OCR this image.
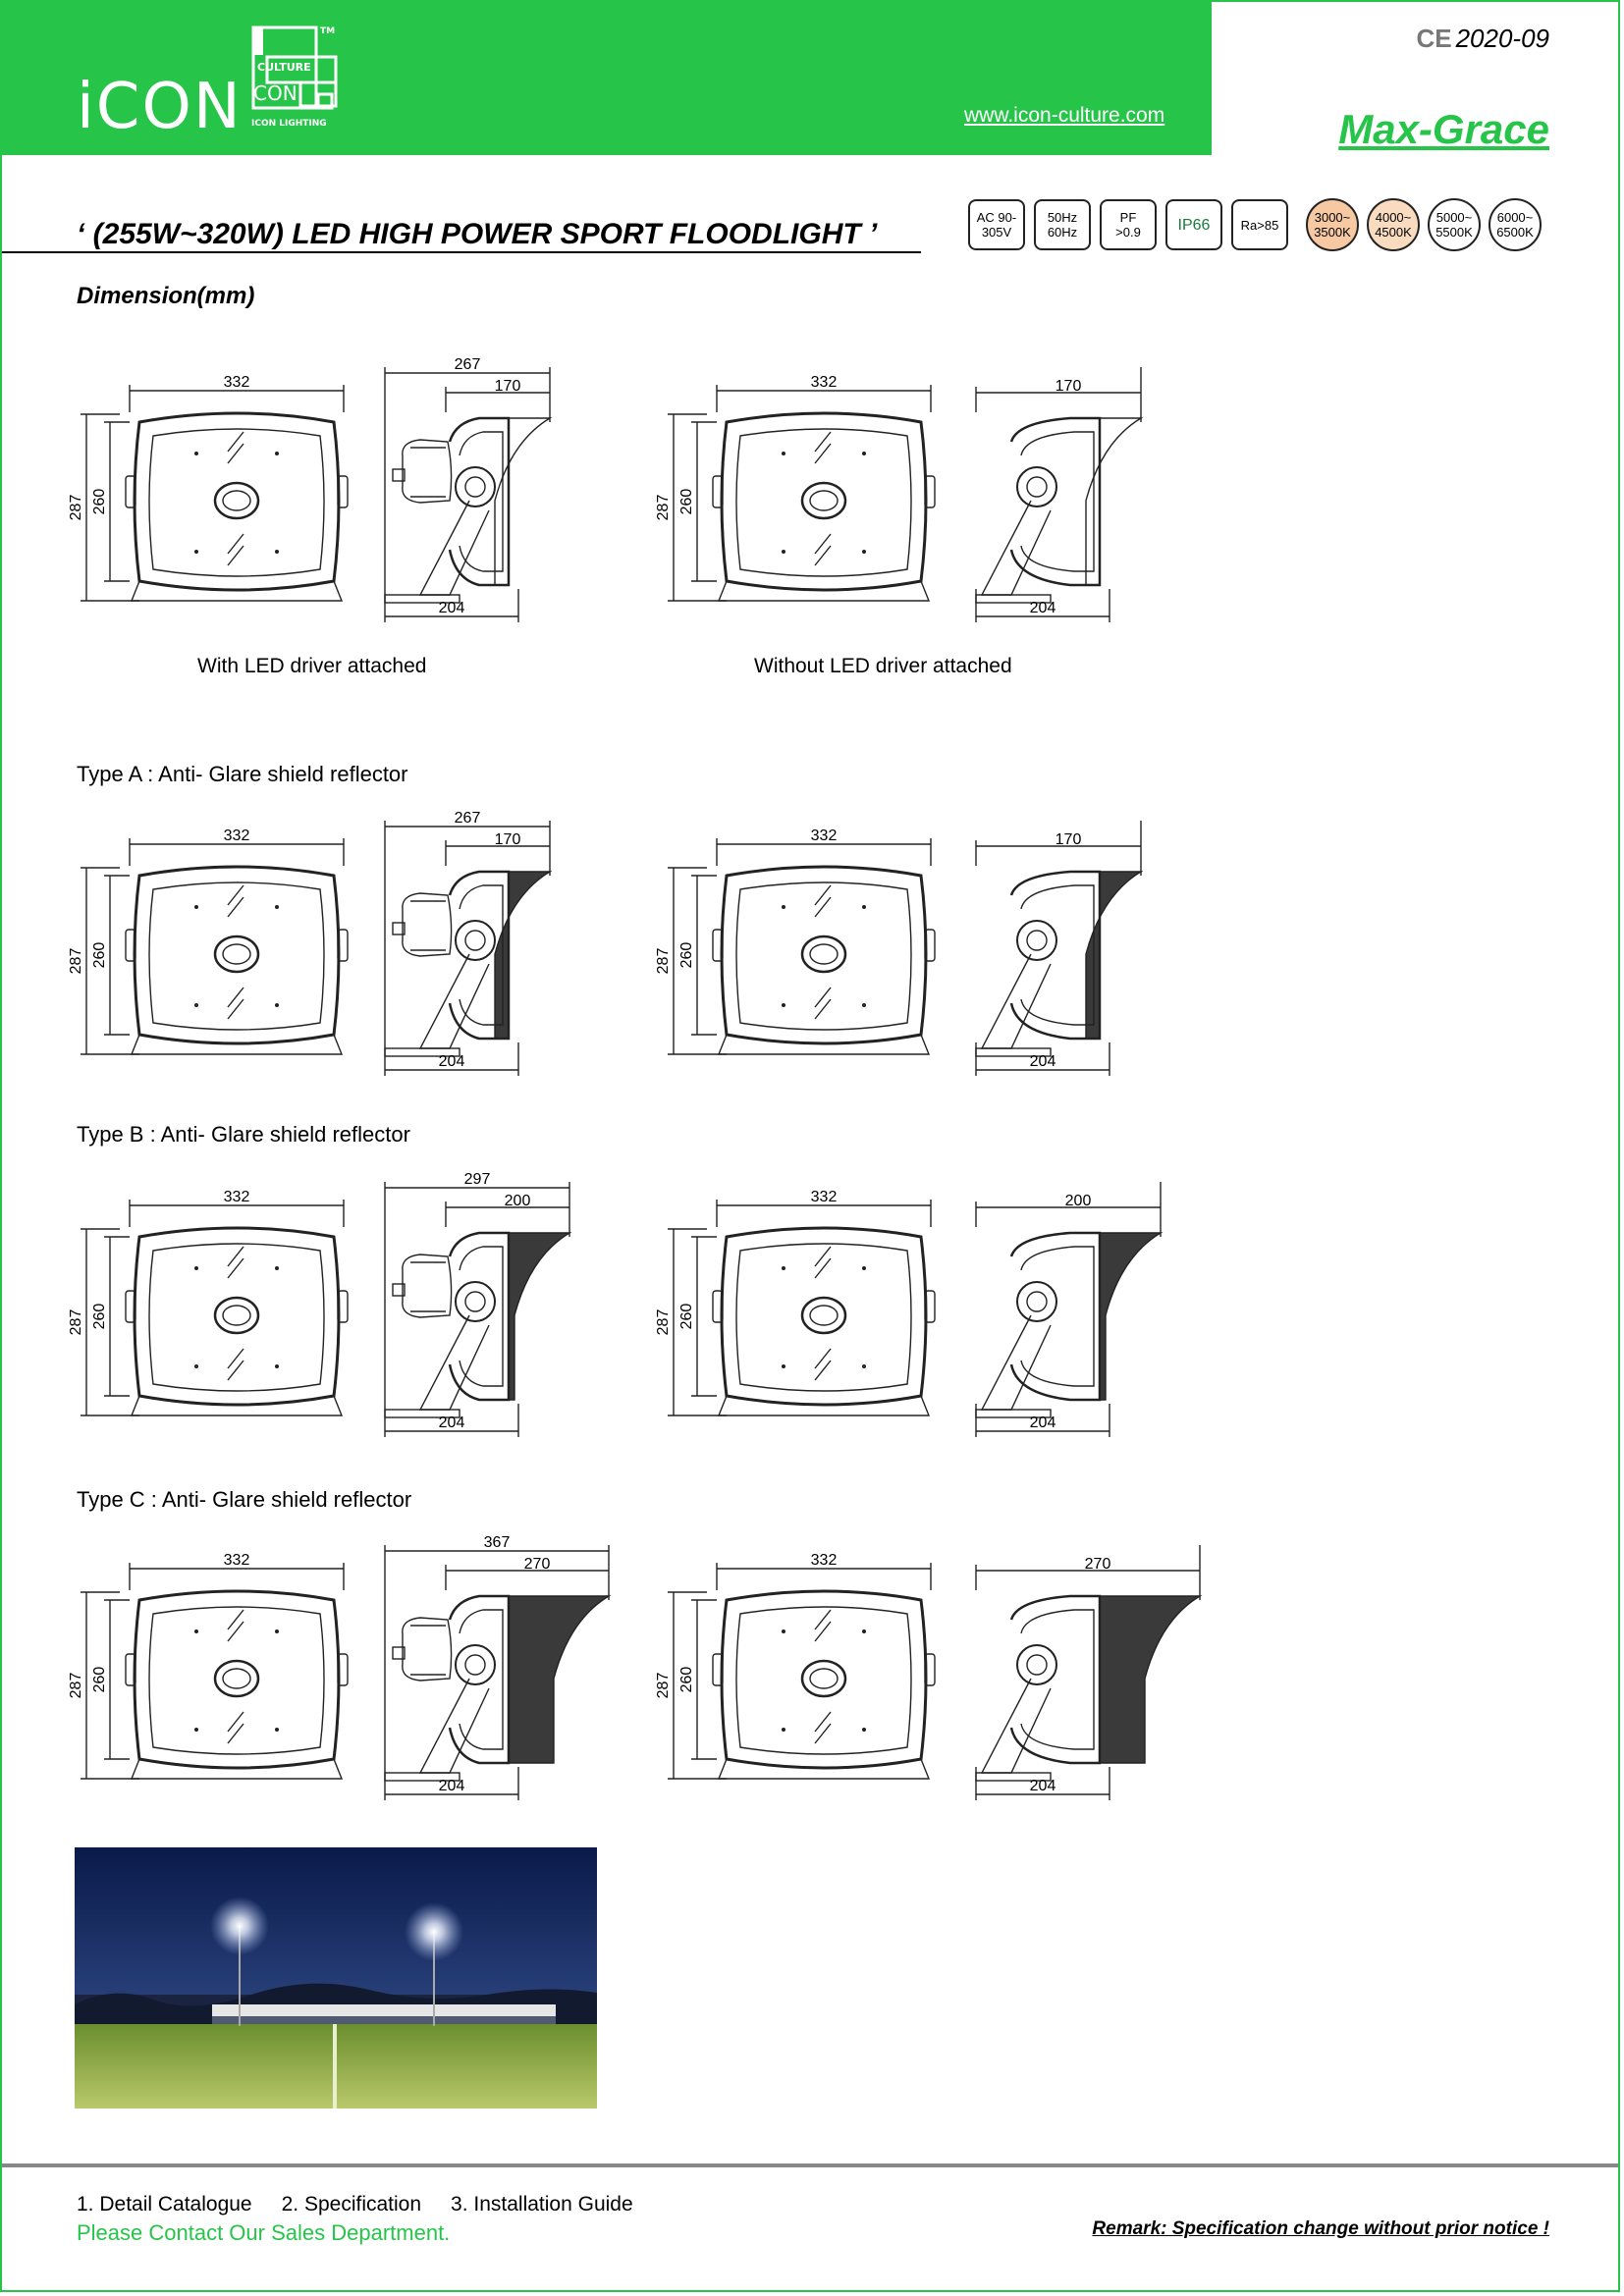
iCON
CULTURE
CON
ICON LIGHTING
TM
www.icon-culture.com
CE 2020-09
Max-Grace
‘ (255W~320W) LED HIGH POWER SPORT FLOODLIGHT ’
AC 90-
305V
50Hz
60Hz
PF
>0.9	IP66	Ra>85	3000~
3500K
4000~
4500K
5000~
5500K
6000~
6500K
Dimension(mm)
Type A : Anti- Glare shield reflector
Type B : Anti- Glare shield reflector
Type C : Anti- Glare shield reflector
With LED driver attached	Without LED driver attached
332
287 260
267
170
204
332
287 260
170
204
332
287 260
267
170
204
332
287 260
170
204
332
287 260
297
200
204
332
287 260
200
204
332
287 260
367
270
204
332
287 260
270
204
1. Detail Catalogue 2. Specification 3. Installation Guide
Please Contact Our Sales Department.	Remark: Specification change without prior notice !
